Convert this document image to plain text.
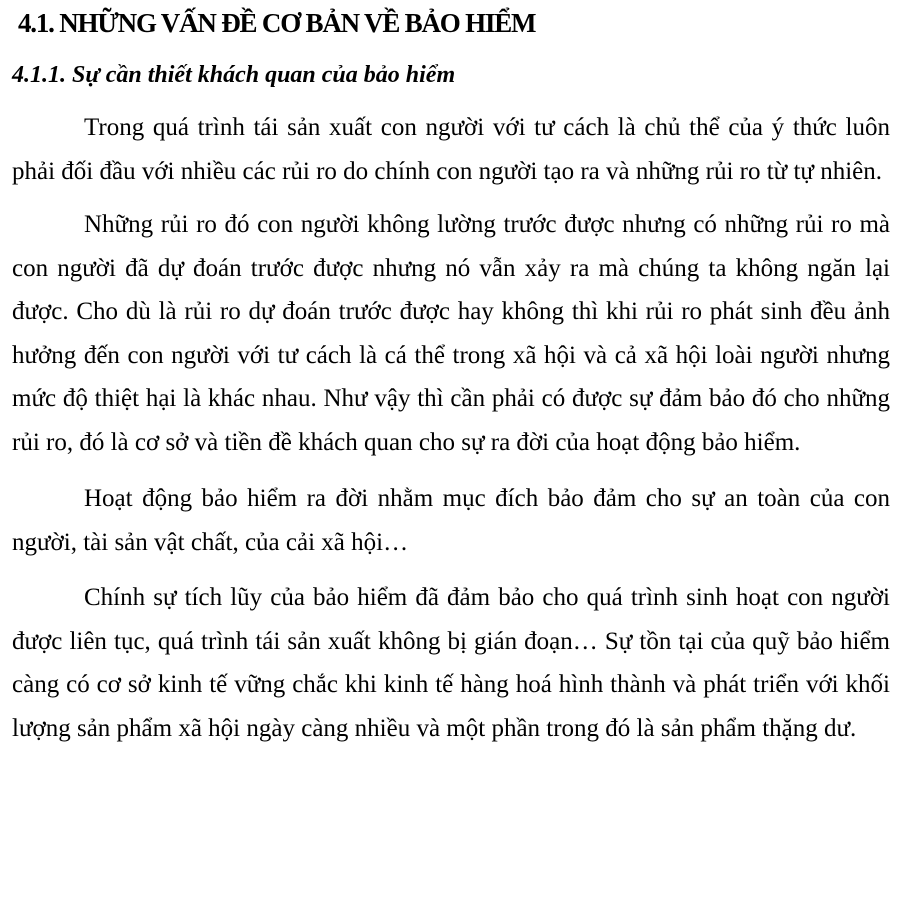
4.1. NHỮNG VẤN ĐỀ CƠ BẢN VỀ BẢO HIỂM
4.1.1. Sự cần thiết khách quan của bảo hiểm

Trong quá trình tái sản xuất con người với tư cách là chủ thể của ý thức luôn phải đối đầu với nhiều các rủi ro do chính con người tạo ra và những rủi ro từ tự nhiên.

Những rủi ro đó con người không lường trước được nhưng có những rủi ro mà con người đã dự đoán trước được nhưng nó vẫn xảy ra mà chúng ta không ngăn lại được. Cho dù là rủi ro dự đoán trước được hay không thì khi rủi ro phát sinh đều ảnh hưởng đến con người với tư cách là cá thể trong xã hội và cả xã hội loài người nhưng mức độ thiệt hại là khác nhau. Như vậy thì cần phải có được sự đảm bảo đó cho những rủi ro, đó là cơ sở và tiền đề khách quan cho sự ra đời của hoạt động bảo hiểm.

Hoạt động bảo hiểm ra đời nhằm mục đích bảo đảm cho sự an toàn của con người, tài sản vật chất, của cải xã hội…

Chính sự tích lũy của bảo hiểm đã đảm bảo cho quá trình sinh hoạt con người được liên tục, quá trình tái sản xuất không bị gián đoạn… Sự tồn tại của quỹ bảo hiểm càng có cơ sở kinh tế vững chắc khi kinh tế hàng hoá hình thành và phát triển với khối lượng sản phẩm xã hội ngày càng nhiều và một phần trong đó là sản phẩm thặng dư.
